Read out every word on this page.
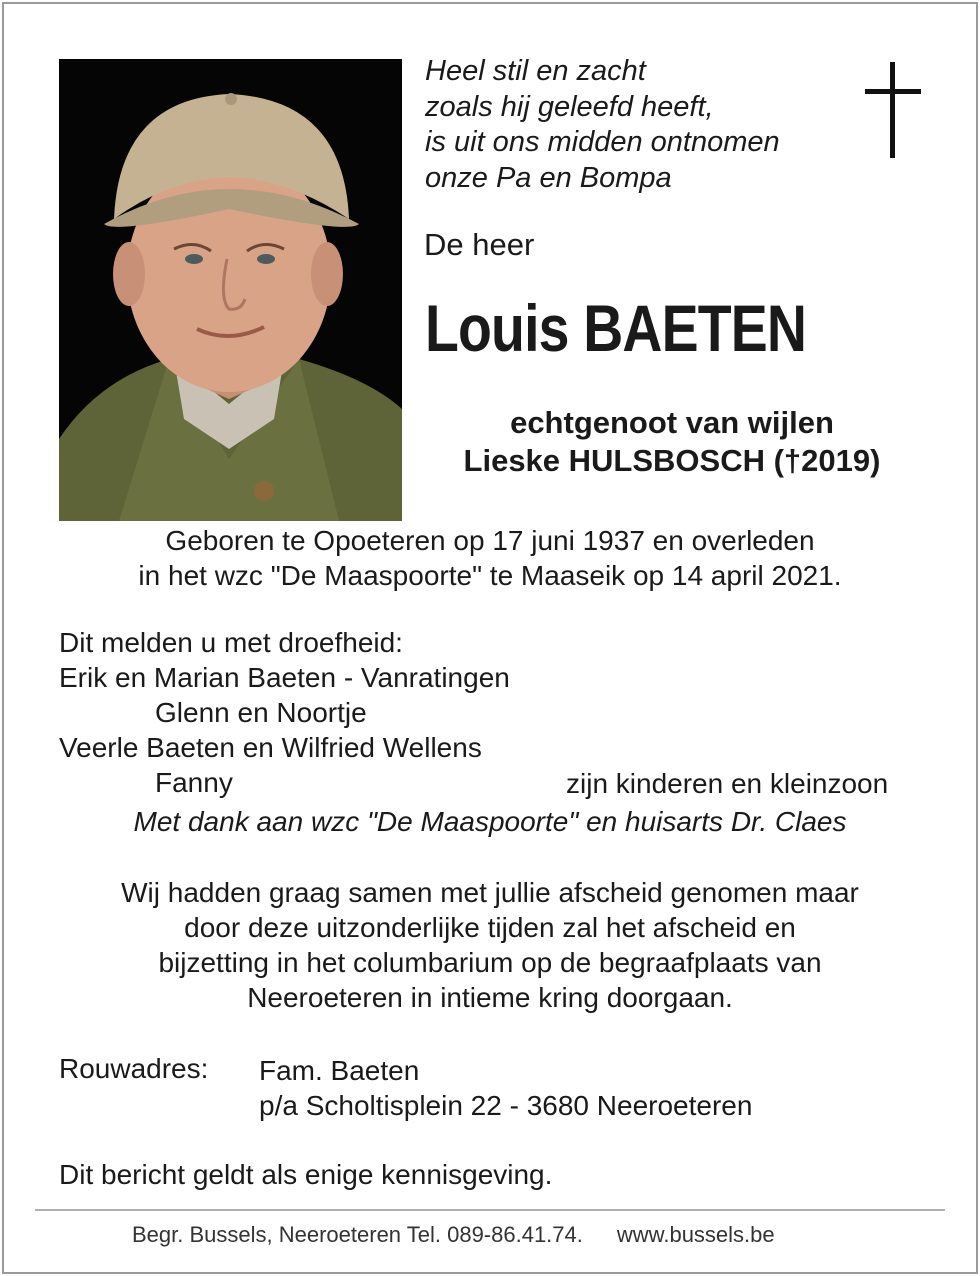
Heel stil en zacht
zoals hij geleefd heeft,
is uit ons midden ontnomen
onze Pa en Bompa
De heer
Louis BAETEN
echtgenoot van wijlen
Lieske HULSBOSCH (†2019)
Geboren te Opoeteren op 17 juni 1937 en overleden
in het wzc "De Maaspoorte" te Maaseik op 14 april 2021.
Dit melden u met droefheid:
Erik en Marian Baeten - Vanratingen
Glenn en Noortje
Veerle Baeten en Wilfried Wellens
Fanny	zijn kinderen en kleinzoon
Met dank aan wzc "De Maaspoorte" en huisarts Dr. Claes
Wij hadden graag samen met jullie afscheid genomen maar
door deze uitzonderlijke tijden zal het afscheid en
bijzetting in het columbarium op de begraafplaats van
Neeroeteren in intieme kring doorgaan.
Rouwadres: Fam. Baeten
p/a Scholtisplein 22 - 3680 Neeroeteren
Dit bericht geldt als enige kennisgeving.
Begr. Bussels, Neeroeteren Tel. 089-86.41.74. www.bussels.be
